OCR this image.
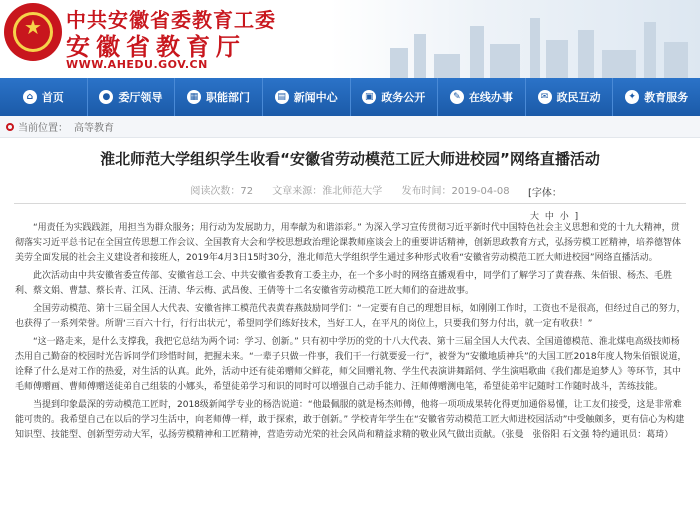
★	中共安徽省委教育工委
安徽省教育厅
WWW.AHEDU.GOV.CN
⌂ 首页	● 委厅领导	▦ 职能部门	▤ 新闻中心	▣ 政务公开	✎ 在线办事	✉ 政民互动	✦ 教育服务
当前位置： 高等教育
淮北师范大学组织学生收看“安徽省劳动模范工匠大师进校园”网络直播活动
阅读次数：72 文章来源：淮北师范大学 发布时间：2019-04-08	[字体：
大 中 小 ]

“用责任为实践践涯，用担当为群众服务；用行动为发展助力，用奉献为和谐添彩。” 为深入学习宣传贯彻习近平新时代中国特色社会主义思想和党的十九大精神，贯彻落实习近平总书记在全国宣传思想工作会议、全国教育大会和学校思想政治理论课教师座谈会上的重要讲话精神，创新思政教育方式，弘扬劳模工匠精神，培养德智体美劳全面发展的社会主义建设者和接班人，2019年4月3日15时30分，淮北师范大学组织学生通过多种形式收看“安徽省劳动模范工匠大师进校园”网络直播活动。

此次活动由中共安徽省委宣传部、安徽省总工会、中共安徽省委教育工委主办，在一个多小时的网络直播观看中，同学们了解学习了黄春燕、朱佰银、杨杰、毛胜利、蔡文娟、曹慧、蔡长青、江风、汪清、华云梅、武昌俊、王倩等十二名安徽省劳动模范工匠大师们的奋进故事。

全国劳动模范、第十三届全国人大代表、安徽省摔工模范代表黄春燕鼓励同学们：“一定要有自己的理想目标，如刚刚工作时，工资也不是很高，但经过自己的努力，也获得了一系列荣誉。所谓‘三百六十行，行行出状元’，希望同学们练好技术，当好工人，在平凡的岗位上，只要我们努力付出，就一定有收获！”

“这一路走来，是什么支撑我，我把它总结为两个词：学习、创新。” 只有初中学历的党的十八大代表、第十三届全国人大代表、全国道德模范、淮北煤电高级技师杨杰用自己勤奋的校园时光告诉同学们珍惜时间，把握未来。“一辈子只做一件事，我们干一行就要爱一行”，被誉为“安徽地质神兵”的大国工匠2018年度人物朱佰银说道，诠释了什么是对工作的热爱，对生活的认真。此外，活动中还有徒弟赠师父鲜花，师父回赠礼物、学生代表演讲舞蹈伺、学生演唱歌曲《我们都是追梦人》等环节，其中毛师傅赠画、曹师傅赠送徒弟自己组装的小娜头，希望徒弟学习和识的同时可以增强自己动手能力、汪师傅赠测电笔，希望徒弟牢记随时工作随时战斗，苦练技能。

当提到印象最深的劳动模范工匠时，2018级新闻学专业的杨浩说道：“他最佩服的就是杨杰师傅，他将一项项成果转化得更加通俗易懂，让工友们接受，这是非常难能可贵的。我希望自己在以后的学习生活中，向老师傅一样，敢于探索，敢于创新。” 学校青年学生在“安徽省劳动模范工匠大师进校园活动”中受触颇多，更有信心为构建知识型、技能型、创新型劳动大军，弘扬劳模精神和工匠精神，营造劳动光荣的社会风尚和精益求精的敬业风气做出贡献。（张曼　张俗阳 石文强 特约通讯员：葛琦）
